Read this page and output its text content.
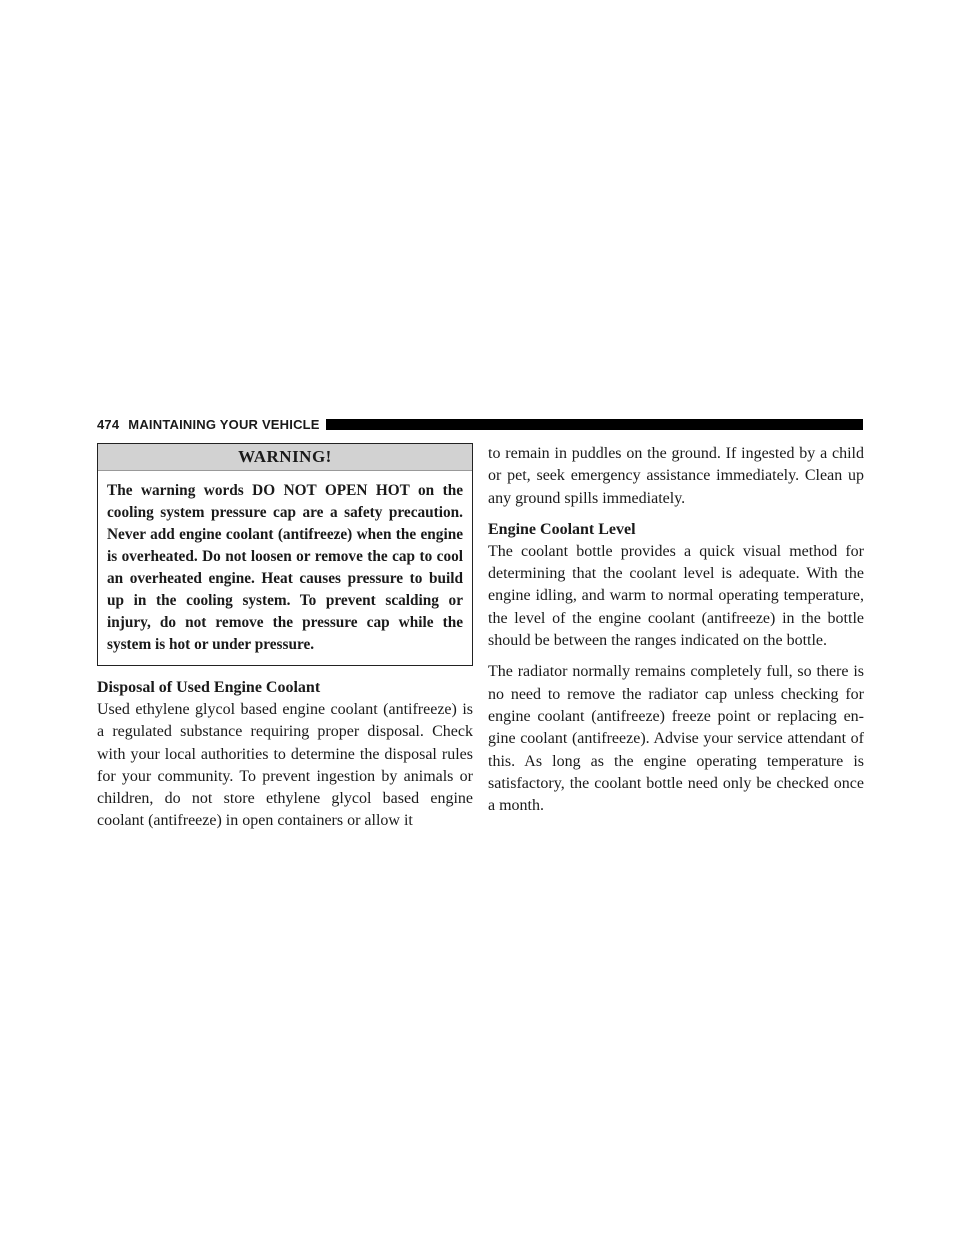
474 MAINTAINING YOUR VEHICLE
WARNING!
The warning words DO NOT OPEN HOT on the cooling system pressure cap are a safety precaution. Never add engine coolant (antifreeze) when the engine is overheated. Do not loosen or remove the cap to cool an overheated engine. Heat causes pressure to build up in the cooling system. To prevent scalding or injury, do not remove the pressure cap while the system is hot or under pressure.
Disposal of Used Engine Coolant

Used ethylene glycol based engine coolant (antifreeze) is a regulated substance requiring proper disposal. Check with your local authorities to determine the disposal rules for your community. To prevent ingestion by animals or children, do not store ethylene glycol based engine coolant (antifreeze) in open containers or allow it

to remain in puddles on the ground. If ingested by a child or pet, seek emergency assistance immediately. Clean up any ground spills immediately.

Engine Coolant Level

The coolant bottle provides a quick visual method for determining that the coolant level is adequate. With the engine idling, and warm to normal operating temperature, the level of the engine coolant (antifreeze) in the bottle should be between the ranges indicated on the bottle.

The radiator normally remains completely full, so there is no need to remove the radiator cap unless checking for engine coolant (antifreeze) freeze point or replacing engine coolant (antifreeze). Advise your service attendant of this. As long as the engine operating temperature is satisfactory, the coolant bottle need only be checked once a month.
